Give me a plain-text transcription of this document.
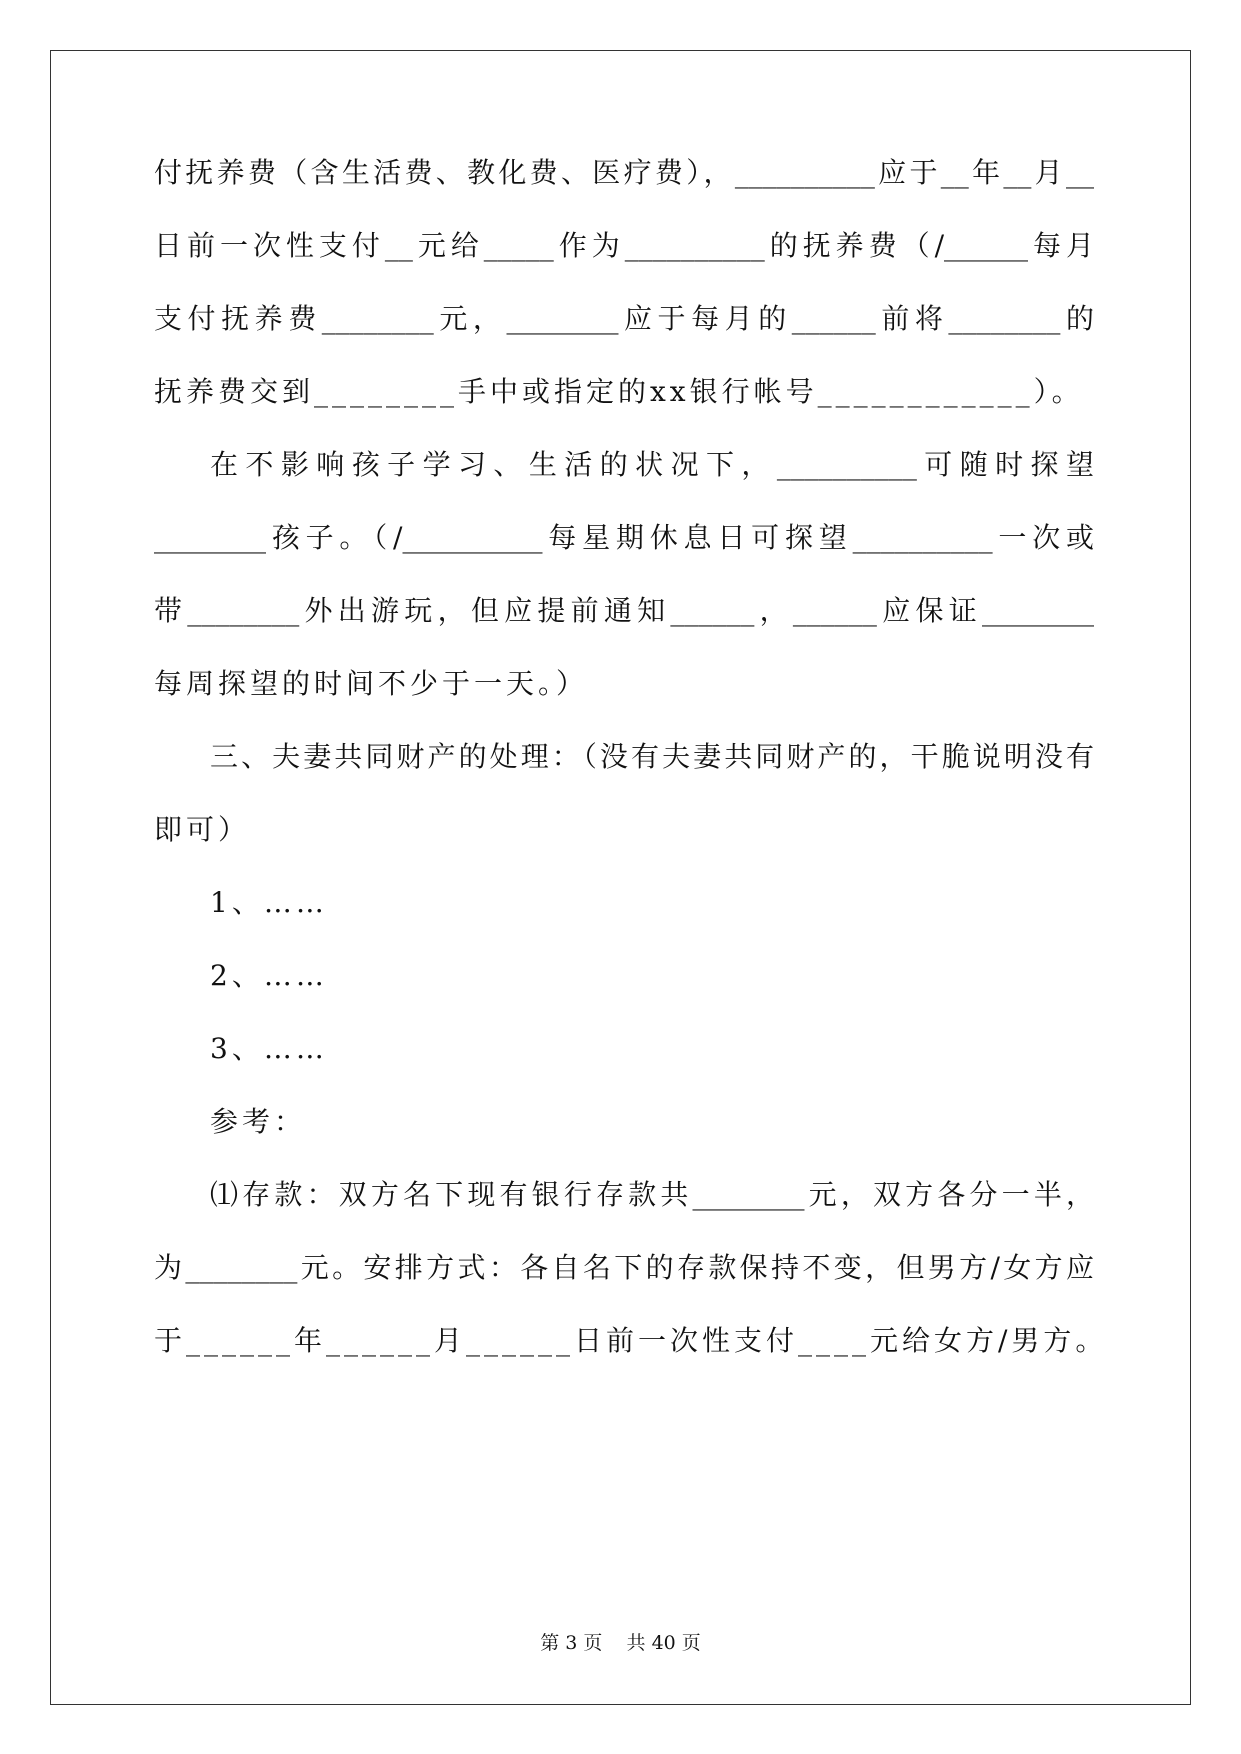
付抚养费（含生活费、教化费、医疗费），__________应于__年__月__
日前一次性支付__元给_____作为__________的抚养费（/______每月
支付抚养费________元，________应于每月的______前将________的
抚养费交到________手中或指定的xx银行帐号____________）。
在不影响孩子学习、生活的状况下，__________可随时探望
________孩子。（/__________每星期休息日可探望__________一次或
带________外出游玩，但应提前通知______，______应保证________
每周探望的时间不少于一天。）
三、夫妻共同财产的处理：（没有夫妻共同财产的，干脆说明没有
即可）
1、……
2、……
3、……
参考：
⑴存款：双方名下现有银行存款共________元，双方各分一半，
为________元。安排方式：各自名下的存款保持不变，但男方/女方应
于______年______月______日前一次性支付____元给女方/男方。
第 3 页    共 40 页
